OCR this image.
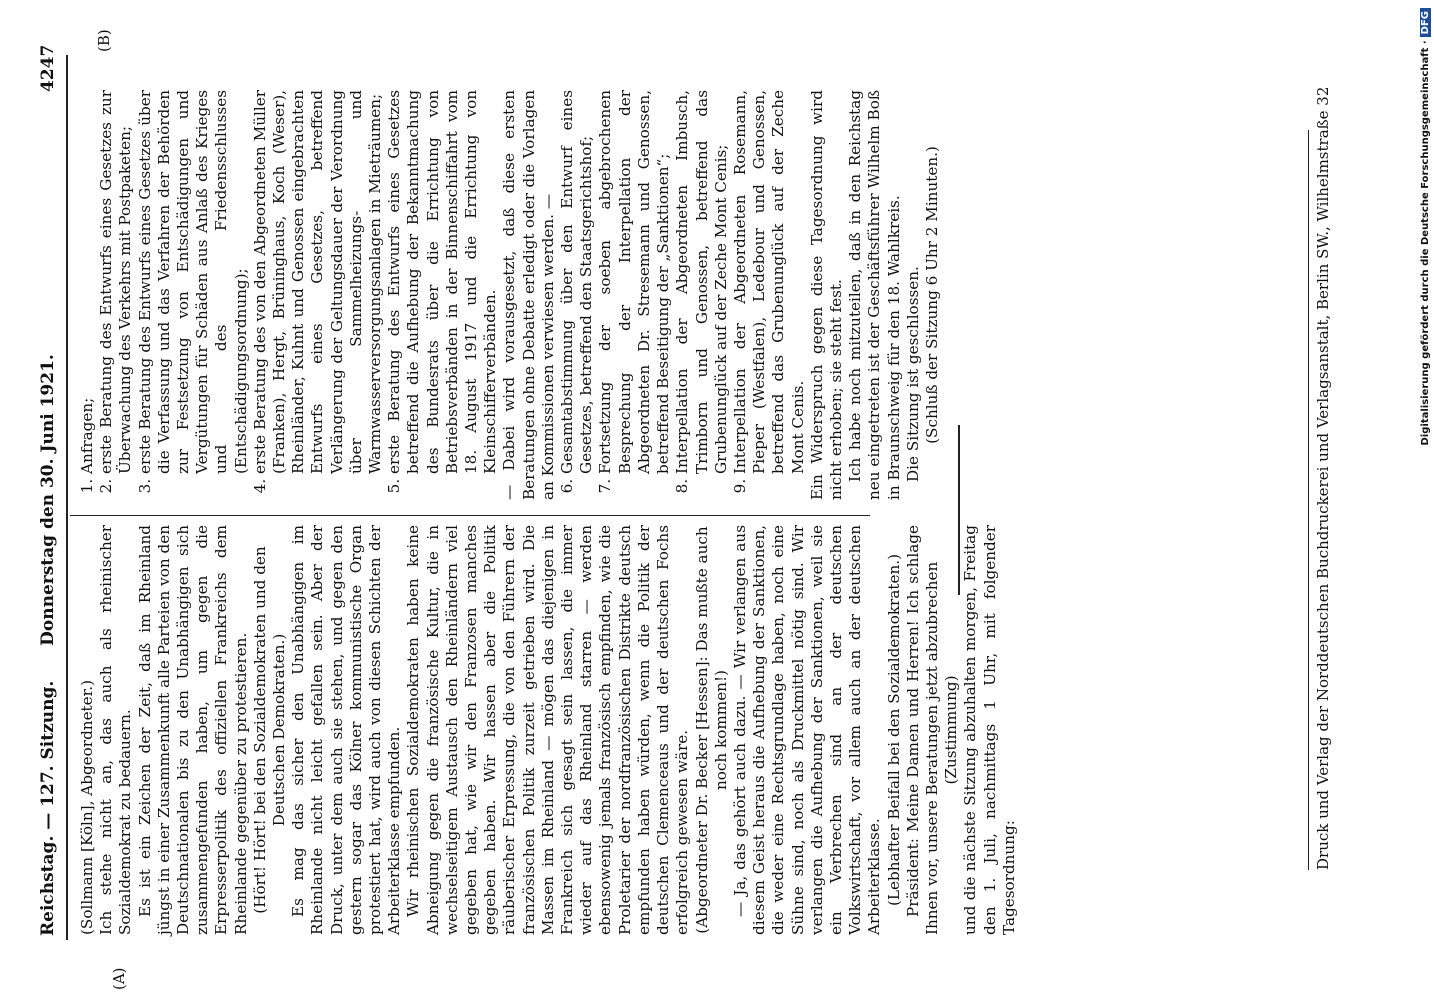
Reichstag. — 127. Sitzung.
Donnerstag den 30. Juni 1921.
4247
(A)
(B)

(Sollmann [Köln], Abgeordneter.) Ich stehe nicht an, das auch als rheinischer Sozialdemokrat zu bedauern. Es ist ein Zeichen der Zeit, daß im Rheinland jüngst in einer Zusammenkunft alle Parteien von den Deutschnationalen bis zu den Unabhängigen sich zusammengefunden haben, um gegen die Erpresserpolitik des offiziellen Frankreichs dem Rheinlande gegenüber zu protestieren. (Hört! Hört! bei den Sozialdemokraten und den Deutschen Demokraten.) Es mag das sicher den Unabhängigen im Rheinlande nicht leicht gefallen sein. Aber der Druck, unter dem auch sie stehen, und gegen den gestern sogar das Kölner kommunistische Organ protestiert hat, wird auch von diesen Schichten der Arbeiterklasse empfunden. Wir rheinischen Sozialdemokraten haben keine Abneigung gegen die französische Kultur, die in wechselseitigem Austausch den Rheinländern viel gegeben hat, wie wir den Franzosen manches gegeben haben. Wir hassen aber die Politik räuberischer Erpressung, die von den Führern der französischen Politik zurzeit getrieben wird. Die Massen im Rheinland — mögen das diejenigen in Frankreich sich gesagt sein lassen, die immer wieder auf das Rheinland starren — werden ebensowenig jemals französisch empfinden, wie die Proletarier der nordfranzösischen Distrikte deutsch empfunden haben würden, wenn die Politik der deutschen Clemenceaus und der deutschen Fochs erfolgreich gewesen wäre. (Abgeordneter Dr. Becker [Hessen]: Das mußte auch noch kommen!) — Ja, das gehört auch dazu. — Wir verlangen aus diesem Geist heraus die Aufhebung der Sanktionen, die weder eine Rechtsgrundlage haben, noch eine Sühne sind, noch als Druckmittel nötig sind. Wir verlangen die Aufhebung der Sanktionen, weil sie ein Verbrechen sind an der deutschen Volkswirtschaft, vor allem auch an der deutschen Arbeiterklasse. (Lebhafter Beifall bei den Sozialdemokraten.) Präsident: Meine Damen und Herren! Ich schlage Ihnen vor, unsere Beratungen jetzt abzubrechen (Zustimmung) und die nächste Sitzung abzuhalten morgen, Freitag den 1. Juli, nachmittags 1 Uhr, mit folgender Tagesordnung:

1. Anfragen; 2. erste Beratung des Entwurfs eines Gesetzes zur Überwachung des Verkehrs mit Postpaketen; 3. erste Beratung des Entwurfs eines Gesetzes über die Verfassung und das Verfahren der Behörden zur Festsetzung von Entschädigungen und Vergütungen für Schäden aus Anlaß des Krieges und des Friedensschlusses (Entschädigungsordnung); 4. erste Beratung des von den Abgeordneten Müller (Franken), Hergt, Brüninghaus, Koch (Weser), Rheinländer, Kuhnt und Genossen eingebrachten Entwurfs eines Gesetzes, betreffend Verlängerung der Geltungsdauer der Verordnung über Sammelheizungs- und Warmwasserversorgungsanlagen in Mieträumen; 5. erste Beratung des Entwurfs eines Gesetzes betreffend die Aufhebung der Bekanntmachung des Bundesrats über die Errichtung von Betriebsverbänden in der Binnenschiffahrt vom 18. August 1917 und die Errichtung von Kleinschifferverbänden. — Dabei wird vorausgesetzt, daß diese ersten Beratungen ohne Debatte erledigt oder die Vorlagen an Kommissionen verwiesen werden. — 6. Gesamtabstimmung über den Entwurf eines Gesetzes, betreffend den Staatsgerichtshof; 7. Fortsetzung der soeben abgebrochenen Besprechung der Interpellation der Abgeordneten Dr. Stresemann und Genossen, betreffend Beseitigung der „Sanktionen“; 8. Interpellation der Abgeordneten Imbusch, Trimborn und Genossen, betreffend das Grubenunglück auf der Zeche Mont Cenis; 9. Interpellation der Abgeordneten Rosemann, Pieper (Westfalen), Ledebour und Genossen, betreffend das Grubenunglück auf der Zeche Mont Cenis. Ein Widerspruch gegen diese Tagesordnung wird nicht erhoben; sie steht fest. Ich habe noch mitzuteilen, daß in den Reichstag neu eingetreten ist der Geschäftsführer Wilhelm Boß in Braunschweig für den 18. Wahlkreis. Die Sitzung ist geschlossen. (Schluß der Sitzung 6 Uhr 2 Minuten.)	Druck und Verlag der Norddeutschen Buchdruckerei und Verlagsanstalt, Berlin SW., Wilhelmstraße 32	Digitalisierung gefördert durch die Deutsche Forschungsgemeinschaft ·DFG
